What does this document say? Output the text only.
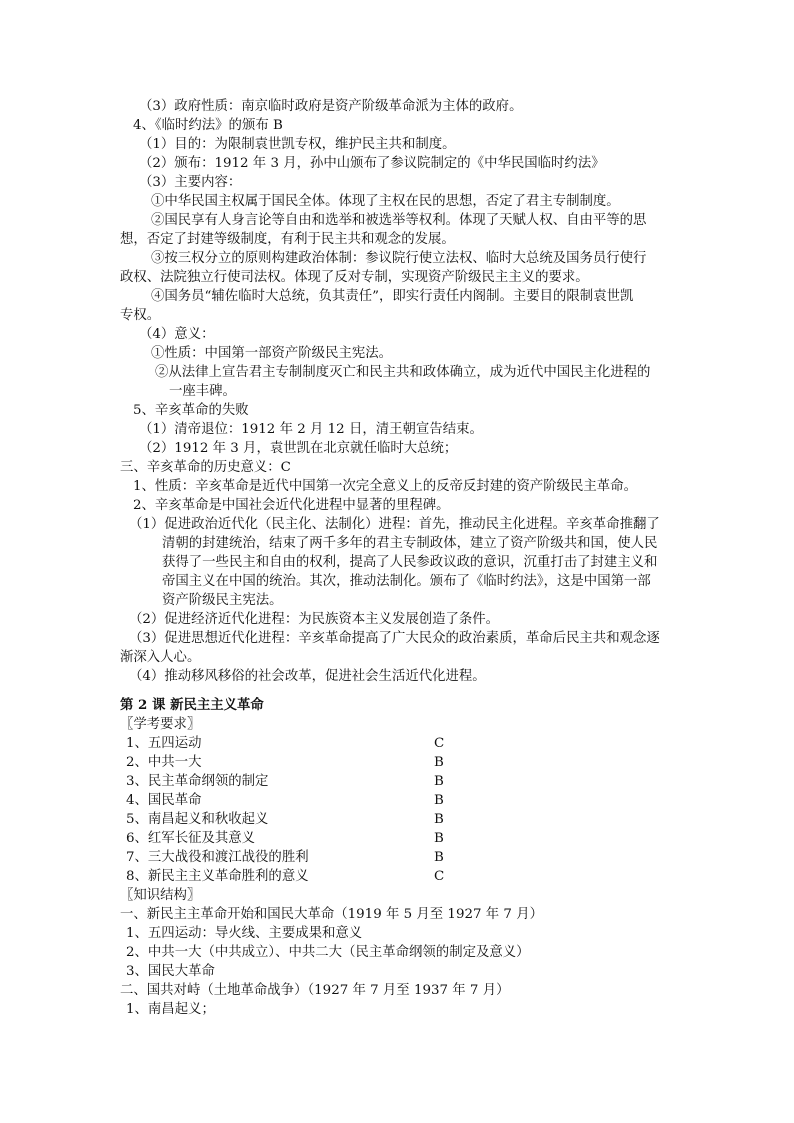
（3）政府性质：南京临时政府是资产阶级革命派为主体的政府。
4、《临时约法》的颁布 B
（1）目的：为限制袁世凯专权，维护民主共和制度。
（2）颁布：1912 年 3 月，孙中山颁布了参议院制定的《中华民国临时约法》
（3）主要内容：
①中华民国主权属于国民全体。体现了主权在民的思想，否定了君主专制制度。
②国民享有人身言论等自由和选举和被选举等权利。体现了天赋人权、自由平等的思
想，否定了封建等级制度，有利于民主共和观念的发展。
③按三权分立的原则构建政治体制：参议院行使立法权、临时大总统及国务员行使行
政权、法院独立行使司法权。体现了反对专制，实现资产阶级民主主义的要求。
④国务员“辅佐临时大总统，负其责任”，即实行责任内阁制。主要目的限制袁世凯
专权。
（4）意义：
①性质：中国第一部资产阶级民主宪法。
②从法律上宣告君主专制制度灭亡和民主共和政体确立，成为近代中国民主化进程的
一座丰碑。
5、辛亥革命的失败
（1）清帝退位：1912 年 2 月 12 日，清王朝宣告结束。
（2）1912 年 3 月，袁世凯在北京就任临时大总统；
三、辛亥革命的历史意义：C
1、性质：辛亥革命是近代中国第一次完全意义上的反帝反封建的资产阶级民主革命。
2、辛亥革命是中国社会近代化进程中显著的里程碑。
（1）促进政治近代化（民主化、法制化）进程：首先，推动民主化进程。辛亥革命推翻了
清朝的封建统治，结束了两千多年的君主专制政体，建立了资产阶级共和国，使人民
获得了一些民主和自由的权利，提高了人民参政议政的意识，沉重打击了封建主义和
帝国主义在中国的统治。其次，推动法制化。颁布了《临时约法》，这是中国第一部
资产阶级民主宪法。
（2）促进经济近代化进程：为民族资本主义发展创造了条件。
（3）促进思想近代化进程：辛亥革命提高了广大民众的政治素质，革命后民主共和观念逐
渐深入人心。
（4）推动移风移俗的社会改革，促进社会生活近代化进程。
第 2 课 新民主主义革命
〖学考要求〗
1、五四运动	C
2、中共一大	B
3、民主革命纲领的制定	B
4、国民革命	B
5、南昌起义和秋收起义	B
6、红军长征及其意义	B
7、三大战役和渡江战役的胜利	B
8、新民主主义革命胜利的意义	C
〖知识结构〗
一、新民主主革命开始和国民大革命（1919 年 5 月至 1927 年 7 月）
1、五四运动：导火线、主要成果和意义
2、中共一大（中共成立）、中共二大（民主革命纲领的制定及意义）
3、国民大革命
二、国共对峙（土地革命战争）（1927 年 7 月至 1937 年 7 月）
1、南昌起义；
